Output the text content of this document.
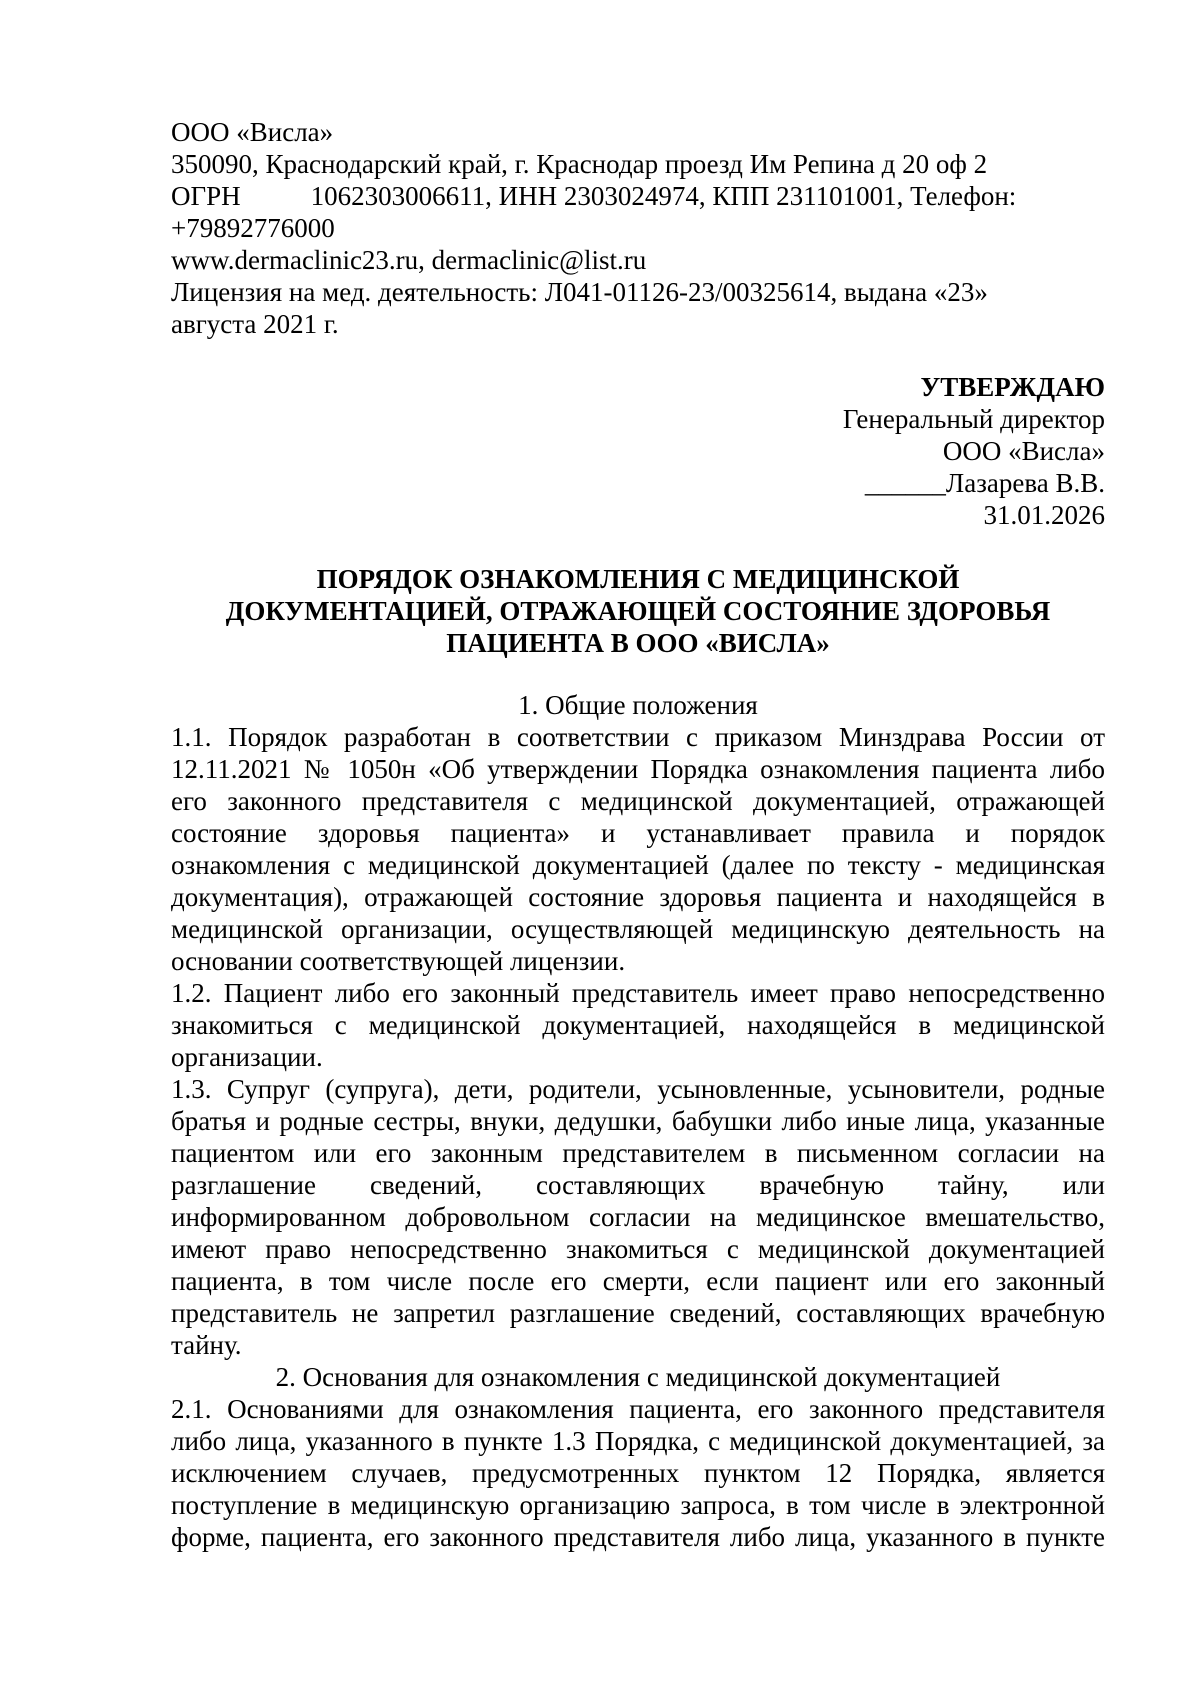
ООО «Висла»

350090, Краснодарский край, г. Краснодар проезд Им Репина д 20 оф 2

ОГРН	1062303006611, ИНН 2303024974, КПП 231101001, Телефон:

+79892776000

www.dermaclinic23.ru, dermaclinic@list.ru

Лицензия на мед. деятельность: Л041-01126-23/00325614, выдана «23»

августа 2021 г.

УТВЕРЖДАЮ

Генеральный директор

ООО «Висла»

______Лазарева В.В.

31.01.2026

ПОРЯДОК ОЗНАКОМЛЕНИЯ С МЕДИЦИНСКОЙ

ДОКУМЕНТАЦИЕЙ, ОТРАЖАЮЩЕЙ СОСТОЯНИЕ ЗДОРОВЬЯ

ПАЦИЕНТА В ООО «ВИСЛА»

1. Общие положения

1.1. Порядок разработан в соответствии с приказом Минздрава России от
12.11.2021 № 1050н «Об утверждении Порядка ознакомления пациента либо
его законного представителя с медицинской документацией, отражающей
состояние здоровья пациента» и устанавливает правила и порядок
ознакомления с медицинской документацией (далее по тексту - медицинская
документация), отражающей состояние здоровья пациента и находящейся в
медицинской организации, осуществляющей медицинскую деятельность на
основании соответствующей лицензии.
1.2. Пациент либо его законный представитель имеет право непосредственно
знакомиться с медицинской документацией, находящейся в медицинской
организации.
1.3. Супруг (супруга), дети, родители, усыновленные, усыновители, родные
братья и родные сестры, внуки, дедушки, бабушки либо иные лица, указанные
пациентом или его законным представителем в письменном согласии на
разглашение сведений, составляющих врачебную тайну, или
информированном добровольном согласии на медицинское вмешательство,
имеют право непосредственно знакомиться с медицинской документацией
пациента, в том числе после его смерти, если пациент или его законный
представитель не запретил разглашение сведений, составляющих врачебную
тайну.

2. Основания для ознакомления с медицинской документацией

2.1. Основаниями для ознакомления пациента, его законного представителя
либо лица, указанного в пункте 1.3 Порядка, с медицинской документацией, за
исключением случаев, предусмотренных пунктом 12 Порядка, является
поступление в медицинскую организацию запроса, в том числе в электронной
форме, пациента, его законного представителя либо лица, указанного в пункте
